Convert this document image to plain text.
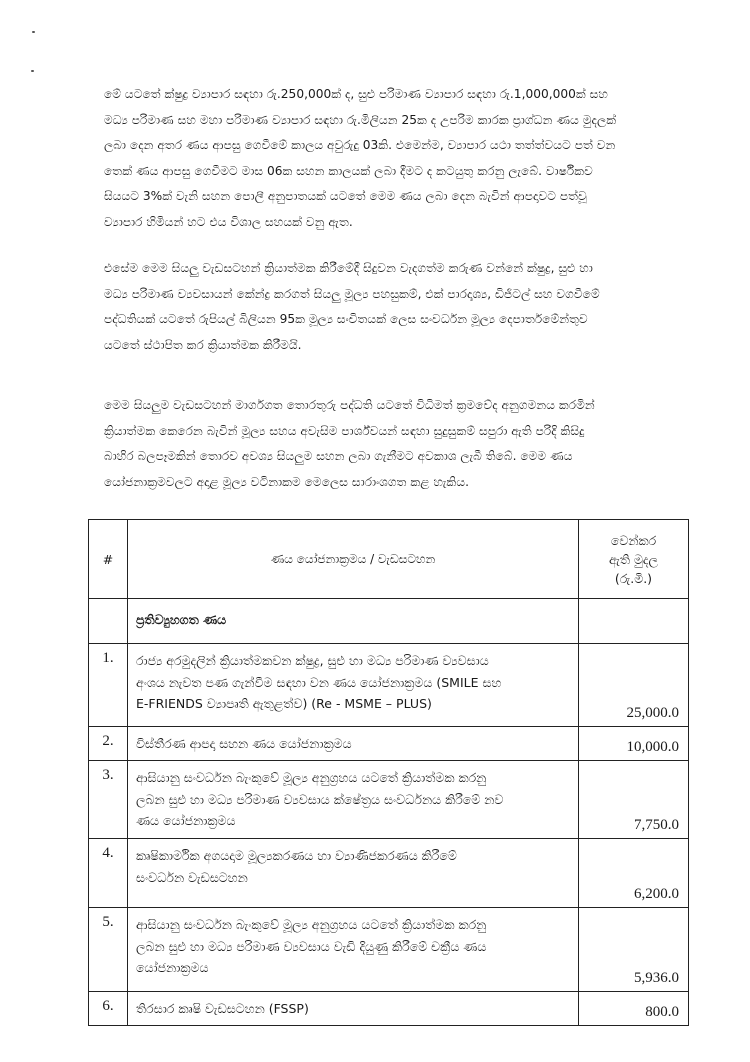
මේ යටතේ ක්ෂුද්‍ර ව්‍යාපාර සඳහා රු.250,000ක් ද, සුළු පරිමාණ ව්‍යාපාර සඳහා රු.1,000,000ක් සහ
මධ්‍ය පරිමාණ සහ මහා පරිමාණ ව්‍යාපාර සඳහා රු.මිලියන 25ක ද උපරිම කාරක ප්‍රාග්ධන ණය මුදලක්
ලබා දෙන අතර ණය ආපසු ගෙවීමේ කාලය අවුරුදු 03කි. එමෙන්ම, ව්‍යාපාර යථා තත්ත්වයට පත් වන
තෙක් ණය ආපසු ගෙවීමට මාස 06ක සහන කාලයක් ලබා දීමට ද කටයුතු කරනු ලැබේ. වාර්ෂිකව
සියයට 3%ක් වැනි සහන පොලී අනුපාතයක් යටතේ මෙම ණය ලබා දෙන බැවින් ආපදාවට පත්වූ
ව්‍යාපාර හිමියන් හට එය විශාල සහයක් වනු ඇත.

එසේම මෙම සියලු වැඩසටහන් ක්‍රියාත්මක කිරීමේදී සිදුවන වැදගත්ම කරුණ වන්නේ ක්ෂුද්‍ර, සුළු හා
මධ්‍ය පරිමාණ ව්‍යවසායන් කේන්ද්‍ර කරගත් සියලු මූල්‍ය පහසුකම්, එක් පාරදෘශ්‍ය, ඩිජිටල් සහ වගවීමේ
පද්ධතියක් යටතේ රුපියල් බිලියන 95ක මූල්‍ය සංචිතයක් ලෙස සංවර්ධන මූල්‍ය දෙපාර්තමේන්තුව
යටතේ ස්ථාපිත කර ක්‍රියාත්මක කිරීමයි.

මෙම සියලුම වැඩසටහන් මාර්ගගත තොරතුරු පද්ධති යටතේ විධිමත් ක්‍රමවේද අනුගමනය කරමින්
ක්‍රියාත්මක කෙරෙන බැවින් මූල්‍ය සහය අවැසිම පාර්ශ්වයන් සඳහා සුදුසුකම් සපුරා ඇති පරිදි කිසිදු
බාහිර බලපෑමකින් තොරව අවශ්‍ය සියලුම සහන ලබා ගැනීමට අවකාශ ලැබී තිබේ. මෙම ණය
යෝජනාක්‍රමවලට අදාළ මූල්‍ය වටිනාකම මෙලෙස සාරාංශගත කළ හැකිය.

#	ණය යෝජනාක්‍රමය / වැඩසටහන	වෙන්කර
ඇති මුදල
(රු.මි.)

	ප්‍රතිව්‍යුහගත ණය	
1.	රාජ්‍ය අරමුදලින් ක්‍රියාත්මකවන ක්ෂුද්‍ර, සුළු හා මධ්‍ය පරිමාණ ව්‍යවසාය
අංශය නැවත පණ ගැන්වීම සඳහා වන ණය යෝජනාක්‍රමය (SMILE සහ
E-FRIENDS ව්‍යාපෘති ඇතුළත්ව) (Re - MSME – PLUS)	25,000.0
2.	විස්තීරණ ආපදා සහන ණය යෝජනාක්‍රමය	10,000.0
3.	ආසියානු සංවර්ධන බැංකුවේ මූල්‍ය අනුග්‍රහය යටතේ ක්‍රියාත්මක කරනු
ලබන සුළු හා මධ්‍ය පරිමාණ ව්‍යවසාය ක්ෂේත්‍රය සංවර්ධනය කිරීමේ නව
ණය යෝජනාක්‍රමය	7,750.0
4.	කෘෂිකාර්මික අගයදාම මූල්‍යකරණය හා ව්‍යාණිජකරණය කිරීමේ
සංවර්ධන වැඩසටහන	6,200.0
5.	ආසියානු සංවර්ධන බැංකුවේ මූල්‍ය අනුග්‍රහය යටතේ ක්‍රියාත්මක කරනු
ලබන සුළු හා මධ්‍ය පරිමාණ ව්‍යවසාය වැඩි දියුණු කිරීමේ චක්‍රීය ණය
යෝජනාක්‍රමය	5,936.0
6.	තිරසාර කෘෂි වැඩසටහන (FSSP)	800.0
